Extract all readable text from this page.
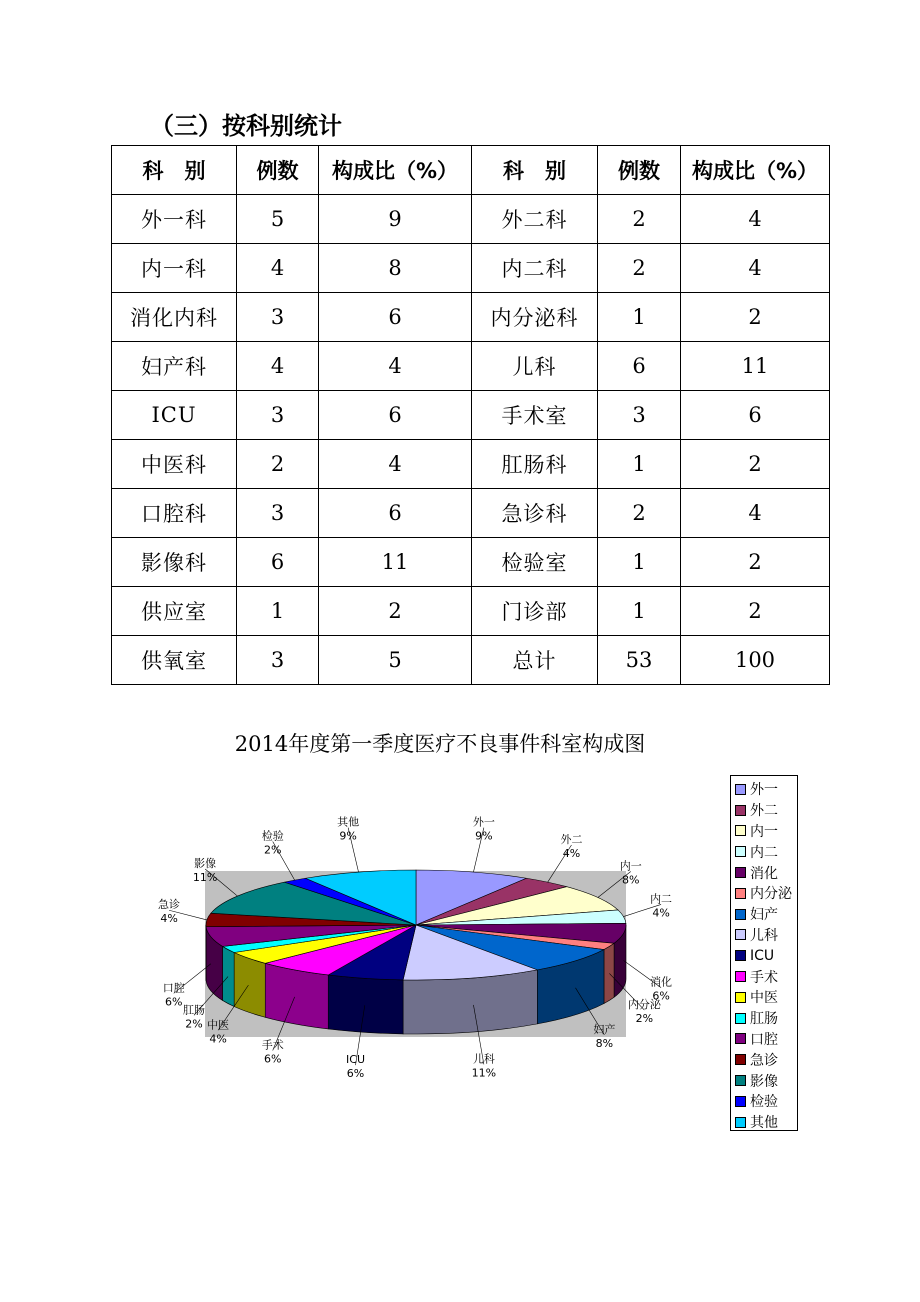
（三）按科别统计
科　别	例数	构成比（%）	科　别	例数	构成比（%）
外一科	5	9	外二科	2	4
内一科	4	8	内二科	2	4
消化内科	3	6	内分泌科	1	2
妇产科	4	4	儿科	6	11
ICU	3	6	手术室	3	6
中医科	2	4	肛肠科	1	2
口腔科	3	6	急诊科	2	4
影像科	6	11	检验室	1	2
供应室	1	2	门诊部	1	2
供氧室	3	5	总计	53	100
2014年度第一季度医疗不良事件科室构成图
外一
9%	外二
4%
内一
8%
内二
4%
消化
6%
内分泌
2%
妇产
8%
儿科
11%
ICU
6%
手术
6%
中医
4%
肛肠
2%
口腔
6%
急诊
4%
影像
11%
检验
2%
其他
9%
外一
外二
内一
内二
消化
内分泌
妇产
儿科
ICU
手术
中医
肛肠
口腔
急诊
影像
检验
其他
